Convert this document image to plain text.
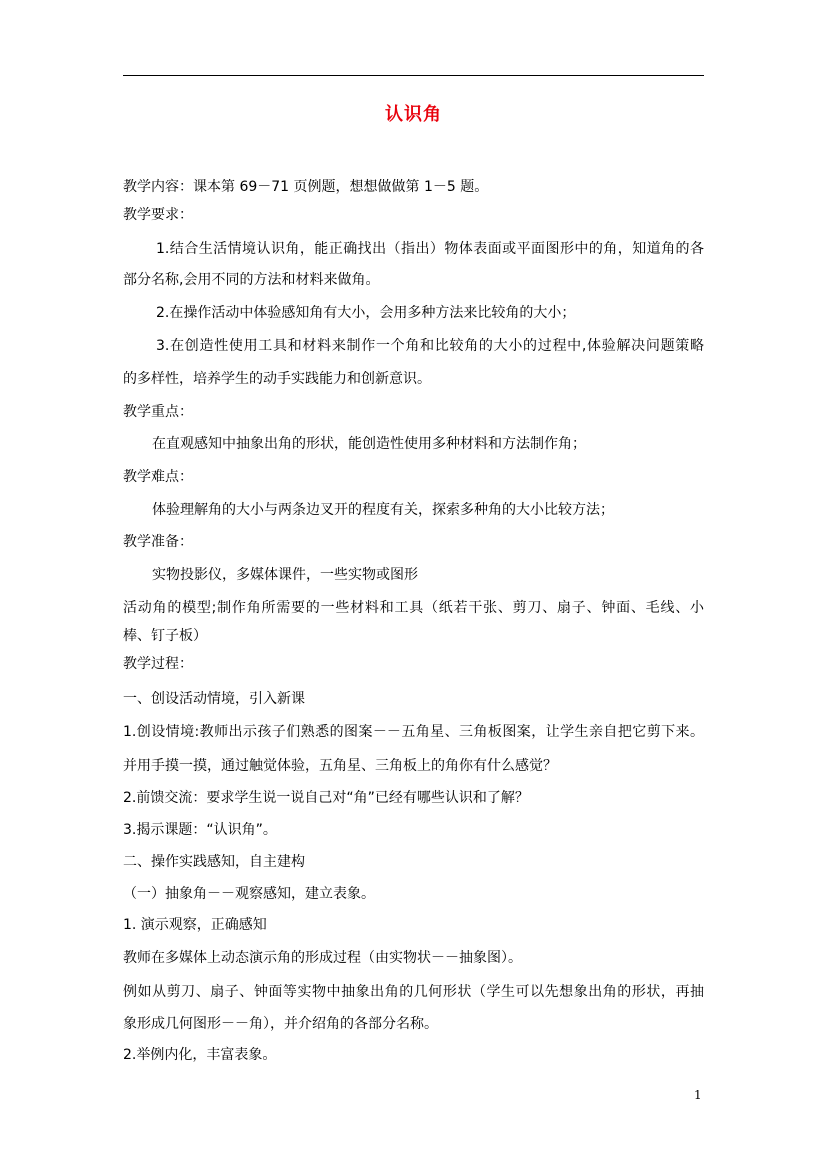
认识角
教学内容：课本第 69－71 页例题，想想做做第 1－5 题。
教学要求：
1.结合生活情境认识角，能正确找出（指出）物体表面或平面图形中的角，知道角的各
部分名称,会用不同的方法和材料来做角。
2.在操作活动中体验感知角有大小，会用多种方法来比较角的大小；
3.在创造性使用工具和材料来制作一个角和比较角的大小的过程中,体验解决问题策略
的多样性，培养学生的动手实践能力和创新意识。
教学重点：
在直观感知中抽象出角的形状，能创造性使用多种材料和方法制作角；
教学难点：
体验理解角的大小与两条边叉开的程度有关，探索多种角的大小比较方法；
教学准备：
实物投影仪，多媒体课件，一些实物或图形
活动角的模型;制作角所需要的一些材料和工具（纸若干张、剪刀、扇子、钟面、毛线、小
棒、钉子板）
教学过程：
一、创设活动情境，引入新课
1.创设情境:教师出示孩子们熟悉的图案－－五角星、三角板图案，让学生亲自把它剪下来。
并用手摸一摸，通过触觉体验，五角星、三角板上的角你有什么感觉？
2.前馈交流：要求学生说一说自己对“角”已经有哪些认识和了解？
3.揭示课题：“认识角”。
二、操作实践感知，自主建构
（一）抽象角－－观察感知，建立表象。
1. 演示观察，正确感知
教师在多媒体上动态演示角的形成过程（由实物状－－抽象图）。
例如从剪刀、扇子、钟面等实物中抽象出角的几何形状（学生可以先想象出角的形状，再抽
象形成几何图形－－角），并介绍角的各部分名称。
2.举例内化，丰富表象。
1
